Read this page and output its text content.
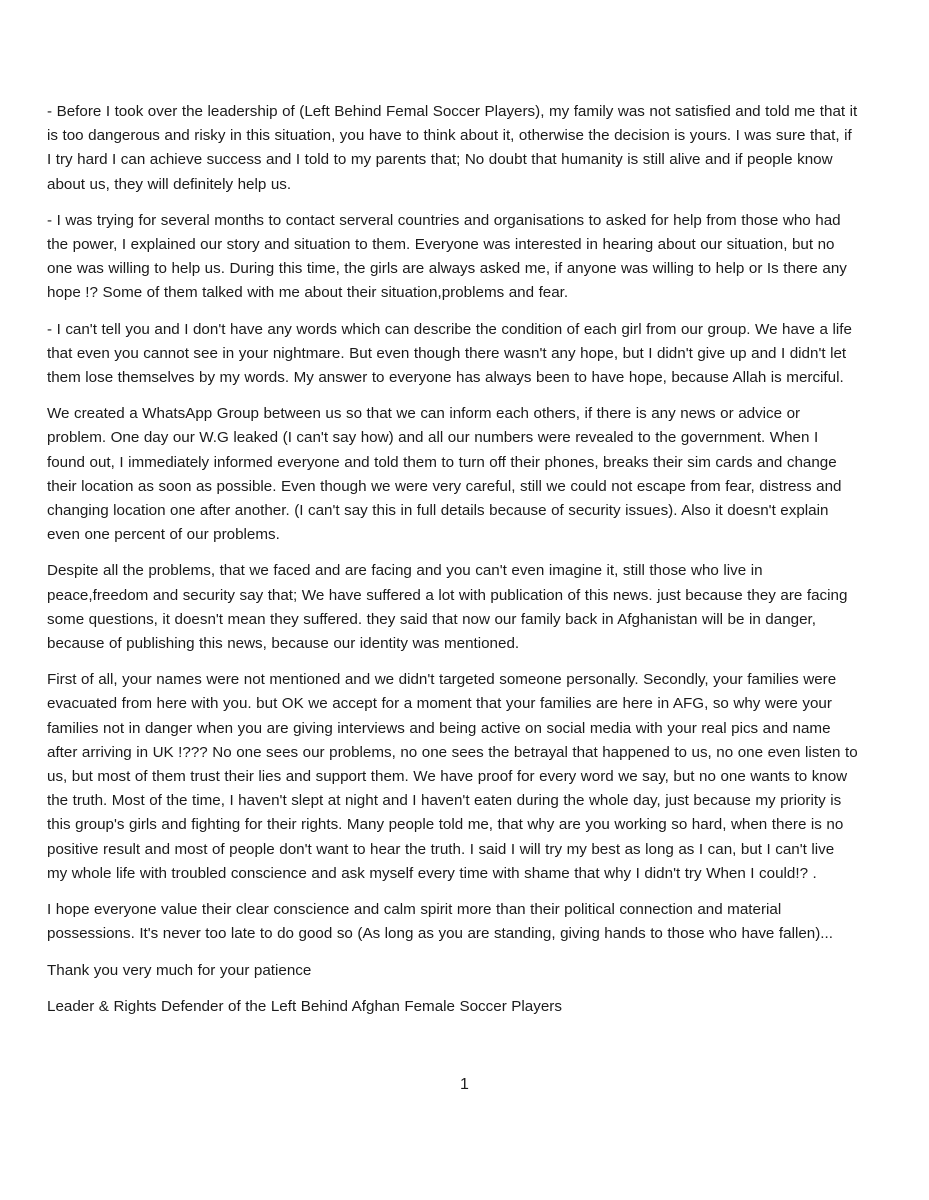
- Before I took over the leadership of (Left Behind Femal Soccer Players), my family was not satisfied and told me that it
is too dangerous and risky in this situation, you have to think about it, otherwise the decision is yours. I was sure that, if
I try hard I can achieve success and I told to my parents that; No doubt that humanity is still alive and if people know
about us, they will definitely help us.

- I was trying for several months to contact serveral countries and organisations to asked for help from those who had
the power, I explained our story and situation to them. Everyone was interested in hearing about our situation, but no
one was willing to help us. During this time, the girls are always asked me, if anyone was willing to help or Is there any
hope !? Some of them talked with me about their situation,problems and fear.

- I can't tell you and I don't have any words which can describe the condition of each girl from our group. We have a life
that even you cannot see in your nightmare. But even though there wasn't any hope, but I didn't give up and I didn't let
them lose themselves by my words. My answer to everyone has always been to have hope, because Allah is merciful.

We created a WhatsApp Group between us so that we can inform each others, if there is any news or advice or
problem. One day our W.G leaked (I can't say how) and all our numbers were revealed to the government. When I
found out, I immediately informed everyone and told them to turn off their phones, breaks their sim cards and change
their location as soon as possible. Even though we were very careful, still we could not escape from fear, distress and
changing location one after another. (I can't say this in full details because of security issues). Also it doesn't explain
even one percent of our problems.

Despite all the problems, that we faced and are facing and you can't even imagine it, still those who live in
peace,freedom and security say that; We have suffered a lot with publication of this news. just because they are facing
some questions, it doesn't mean they suffered. they said that now our family back in Afghanistan will be in danger,
because of publishing this news, because our identity was mentioned.

First of all, your names were not mentioned and we didn't targeted someone personally. Secondly, your families were
evacuated from here with you. but OK we accept for a moment that your families are here in AFG, so why were your
families not in danger when you are giving interviews and being active on social media with your real pics and name
after arriving in UK !??? No one sees our problems, no one sees the betrayal that happened to us, no one even listen to
us, but most of them trust their lies and support them. We have proof for every word we say, but no one wants to know
the truth. Most of the time, I haven't slept at night and I haven't eaten during the whole day, just because my priority is
this group's girls and fighting for their rights. Many people told me, that why are you working so hard, when there is no
positive result and most of people don't want to hear the truth. I said I will try my best as long as I can, but I can't live
my whole life with troubled conscience and ask myself every time with shame that why I didn't try When I could!? .

I hope everyone value their clear conscience and calm spirit more than their political connection and material
possessions. It's never too late to do good so (As long as you are standing, giving hands to those who have fallen)...

Thank you very much for your patience

Leader & Rights Defender of the Left Behind Afghan Female Soccer Players

1
